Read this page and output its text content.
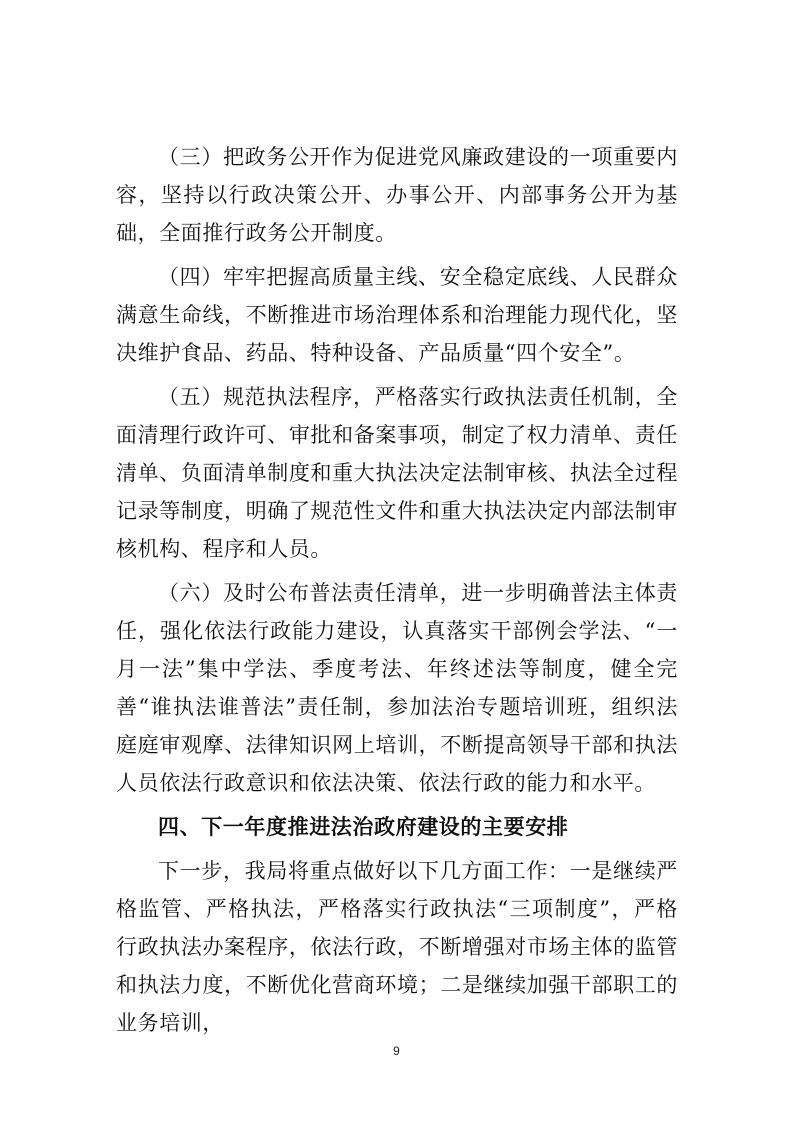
（三）把政务公开作为促进党风廉政建设的一项重要内容，坚持以行政决策公开、办事公开、内部事务公开为基础，全面推行政务公开制度。

（四）牢牢把握高质量主线、安全稳定底线、人民群众满意生命线，不断推进市场治理体系和治理能力现代化，坚决维护食品、药品、特种设备、产品质量“四个安全”。

（五）规范执法程序，严格落实行政执法责任机制，全面清理行政许可、审批和备案事项，制定了权力清单、责任清单、负面清单制度和重大执法决定法制审核、执法全过程记录等制度，明确了规范性文件和重大执法决定内部法制审核机构、程序和人员。

（六）及时公布普法责任清单，进一步明确普法主体责任，强化依法行政能力建设，认真落实干部例会学法、“一月一法”集中学法、季度考法、年终述法等制度，健全完善“谁执法谁普法”责任制，参加法治专题培训班，组织法庭庭审观摩、法律知识网上培训，不断提高领导干部和执法人员依法行政意识和依法决策、依法行政的能力和水平。

四、下一年度推进法治政府建设的主要安排

下一步，我局将重点做好以下几方面工作：一是继续严格监管、严格执法，严格落实行政执法“三项制度”，严格行政执法办案程序，依法行政，不断增强对市场主体的监管和执法力度，不断优化营商环境；二是继续加强干部职工的业务培训，

9
